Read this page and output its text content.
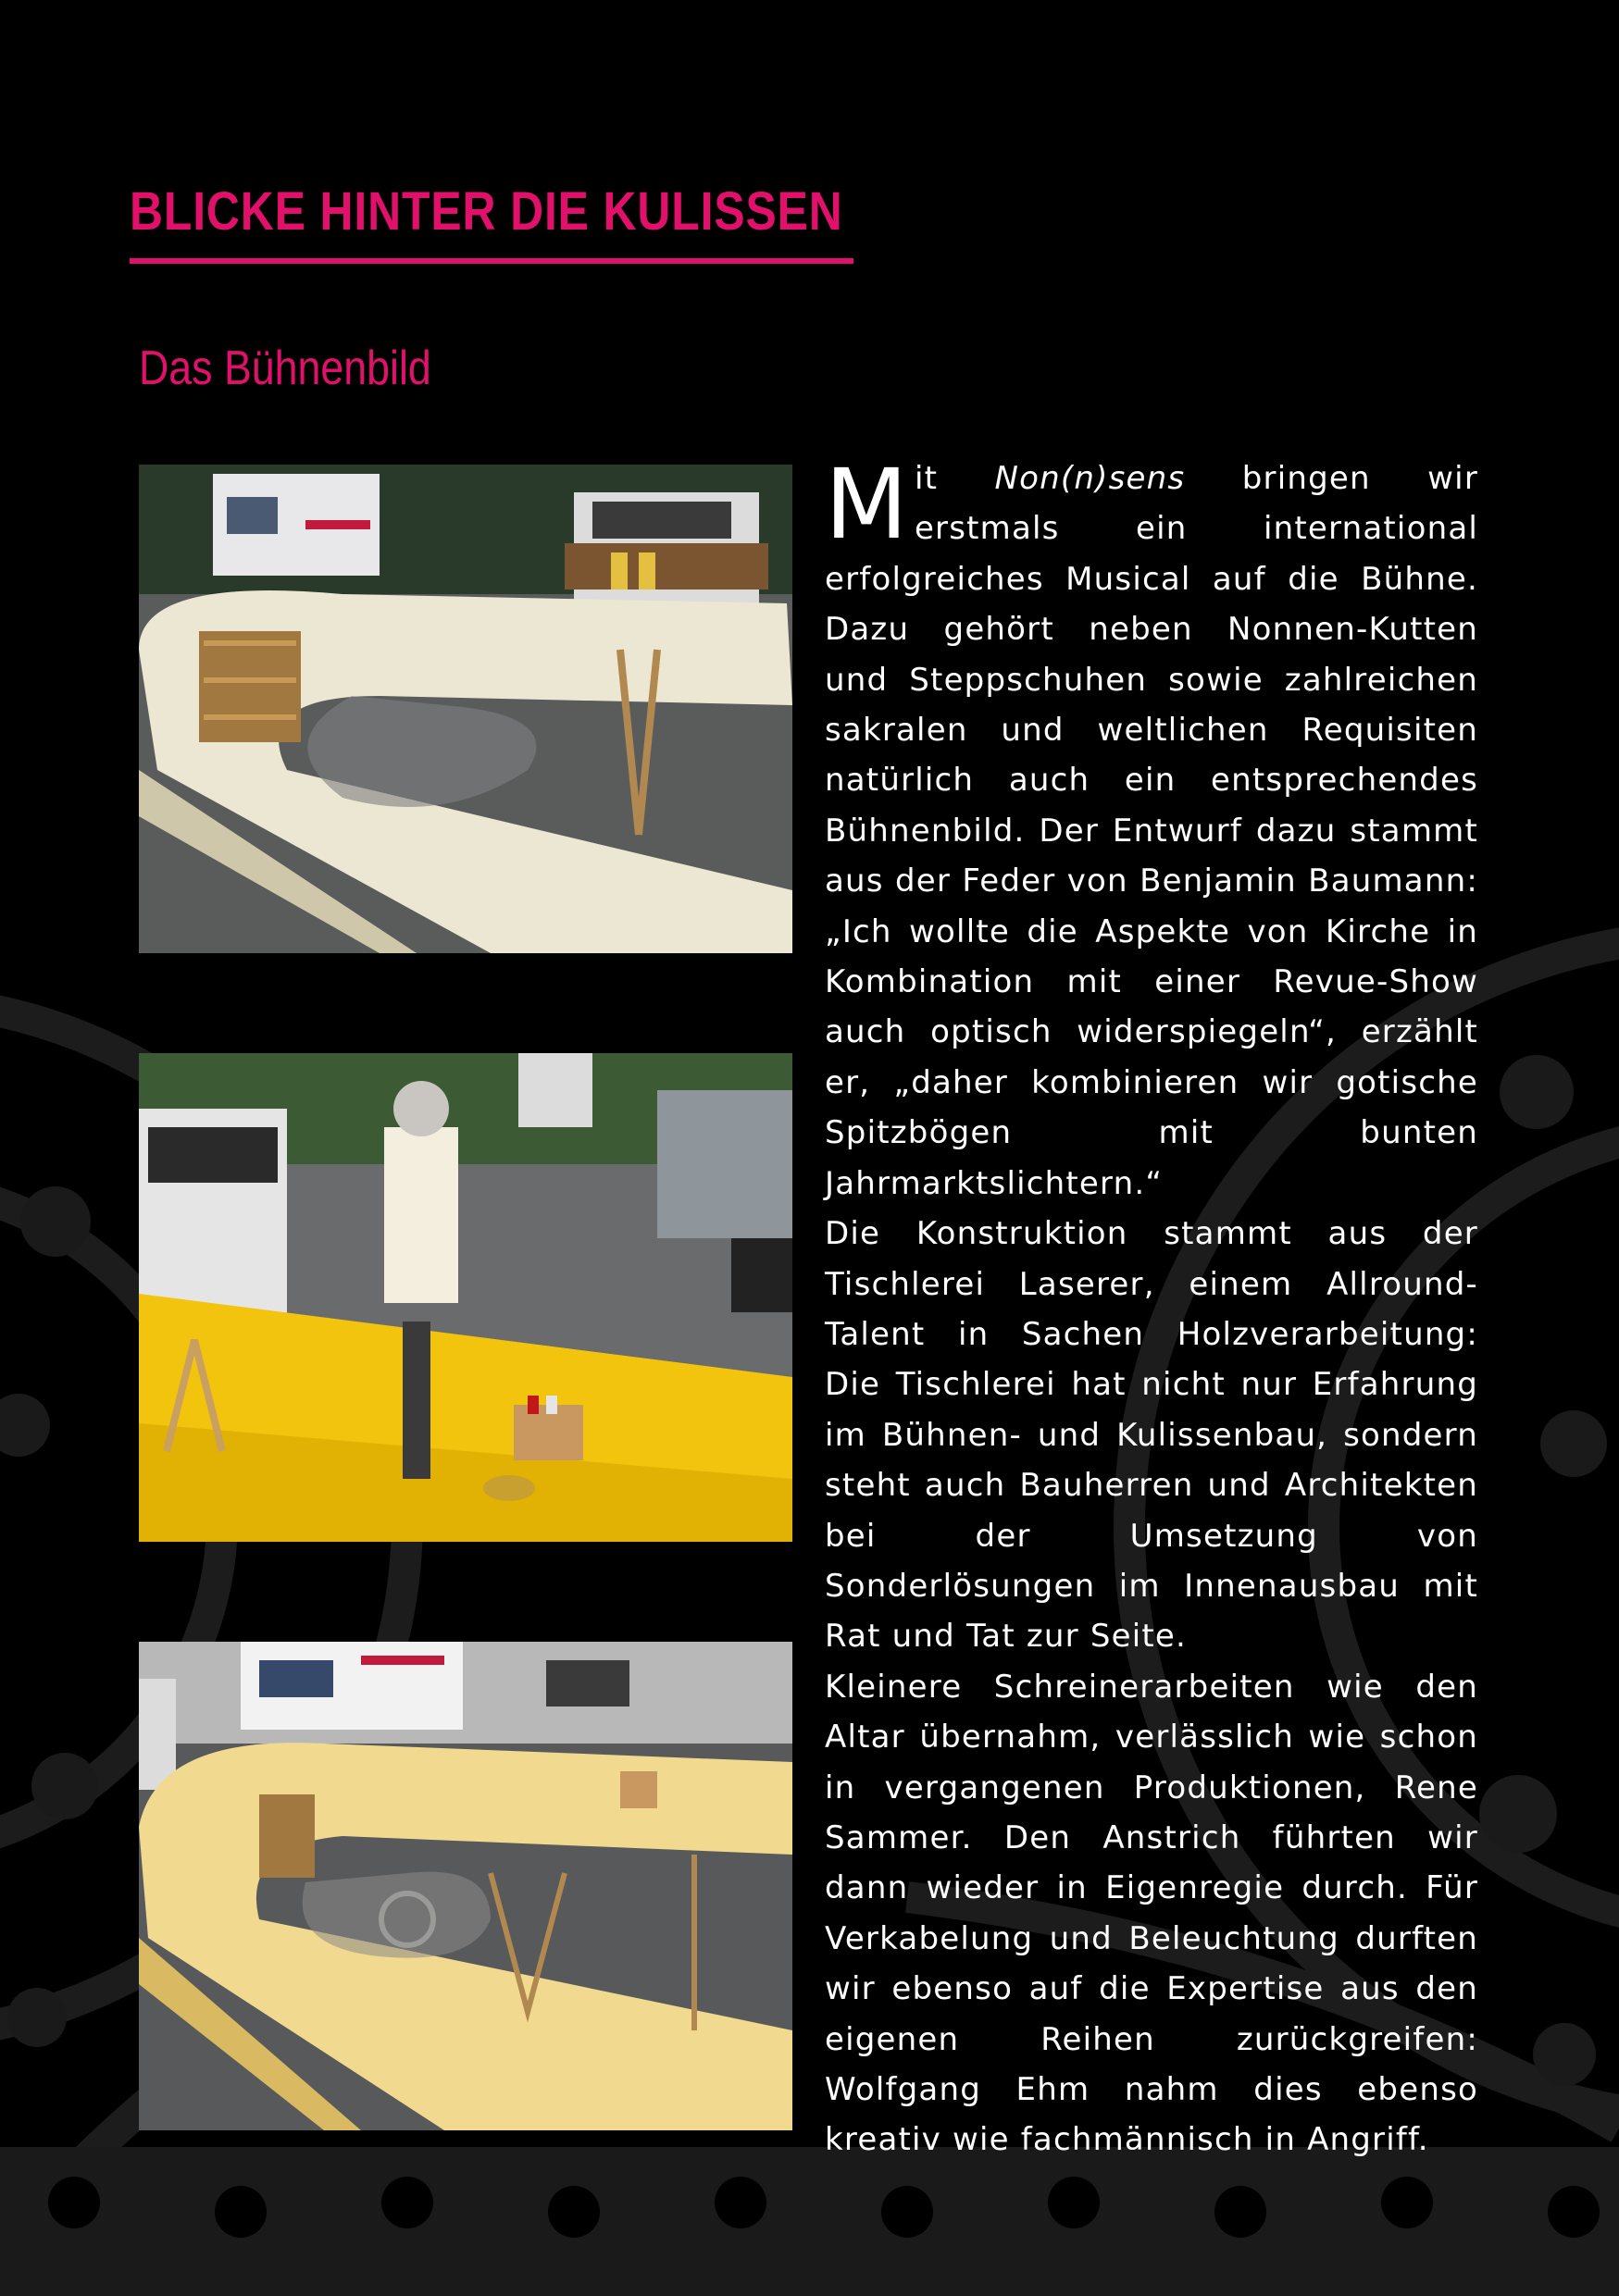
BLICKE HINTER DIE KULISSEN
Das Bühnenbild

Mit Non(n)sens bringen wir erstmals ein international erfolgreiches Musical auf die Bühne. Dazu gehört neben Nonnen-Kutten und Steppschuhen sowie zahlreichen sakralen und weltlichen Requisiten natürlich auch ein entsprechendes Bühnenbild. Der Entwurf dazu stammt aus der Feder von Benjamin Baumann: „Ich wollte die Aspekte von Kirche in Kombination mit einer Revue-Show auch optisch widerspiegeln“, erzählt er, „daher kombinieren wir gotische Spitzbögen mit bunten Jahrmarktslichtern.“

Die Konstruktion stammt aus der Tischlerei Laserer, einem Allround-Talent in Sachen Holzverarbeitung: Die Tischlerei hat nicht nur Erfahrung im Bühnen- und Kulissenbau, sondern steht auch Bauherren und Architekten bei der Umsetzung von Sonderlösungen im Innenausbau mit Rat und Tat zur Seite.

Kleinere Schreinerarbeiten wie den Altar übernahm, verlässlich wie schon in vergangenen Produktionen, Rene Sammer. Den Anstrich führten wir dann wieder in Eigenregie durch. Für Verkabelung und Beleuchtung durften wir ebenso auf die Expertise aus den eigenen Reihen zurückgreifen: Wolfgang Ehm nahm dies ebenso kreativ wie fachmännisch in Angriff.
